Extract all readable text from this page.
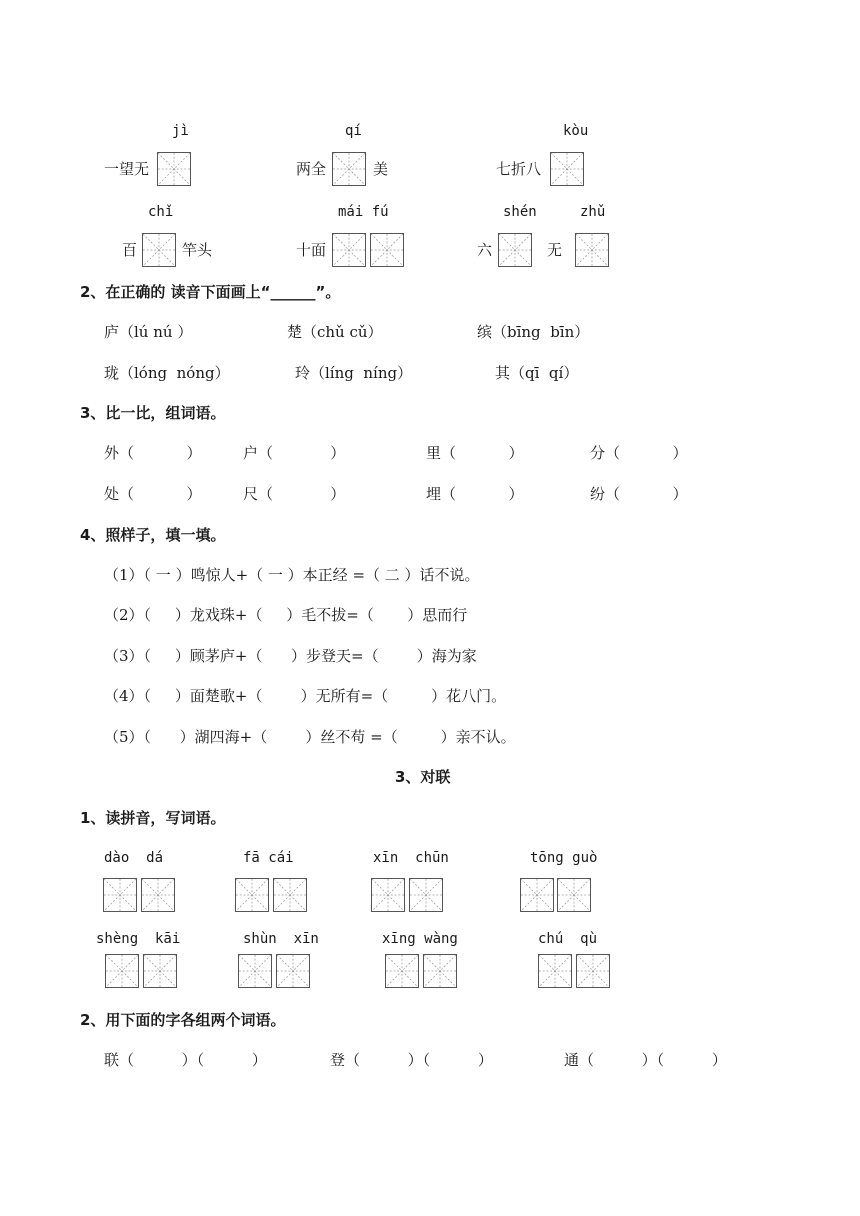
jì	qí	kòu
一望无	两全	美	七折八
chǐ	mái fú	shén	zhǔ
百	竿头	十面	六	无
2、在正确的 读音下面画上“______”。
庐（lú nú ）	楚（chǔ cǔ）	缤（bīng  bīn）
珑（lóng  nóng）	玲（líng  níng）	其（qī  qí）
3、比一比，组词语。
外（           ）	户（            ）	里（           ）	分（           ）
处（           ）	尺（            ）	埋（           ）	纷（           ）
4、照样子，填一填。
（1）（ 一 ）鸣惊人+（ 一 ）本正经 =（ 二 ）话不说。
（2）（     ）龙戏珠+（     ）毛不拔=（       ）思而行
（3）（     ）顾茅庐+（      ）步登天=（        ）海为家
（4）（     ）面楚歌+（        ）无所有=（         ）花八门。
（5）（      ）湖四海+（        ）丝不苟 =（         ）亲不认。
3、对联
1、读拼音，写词语。
dào  dá	fā cái	xīn  chūn	tōng guò
shèng  kāi	shùn  xīn	xīng wàng	chú  qù
2、用下面的字各组两个词语。
联（          ）（          ）	登（          ）（          ）	通（          ）（          ）
